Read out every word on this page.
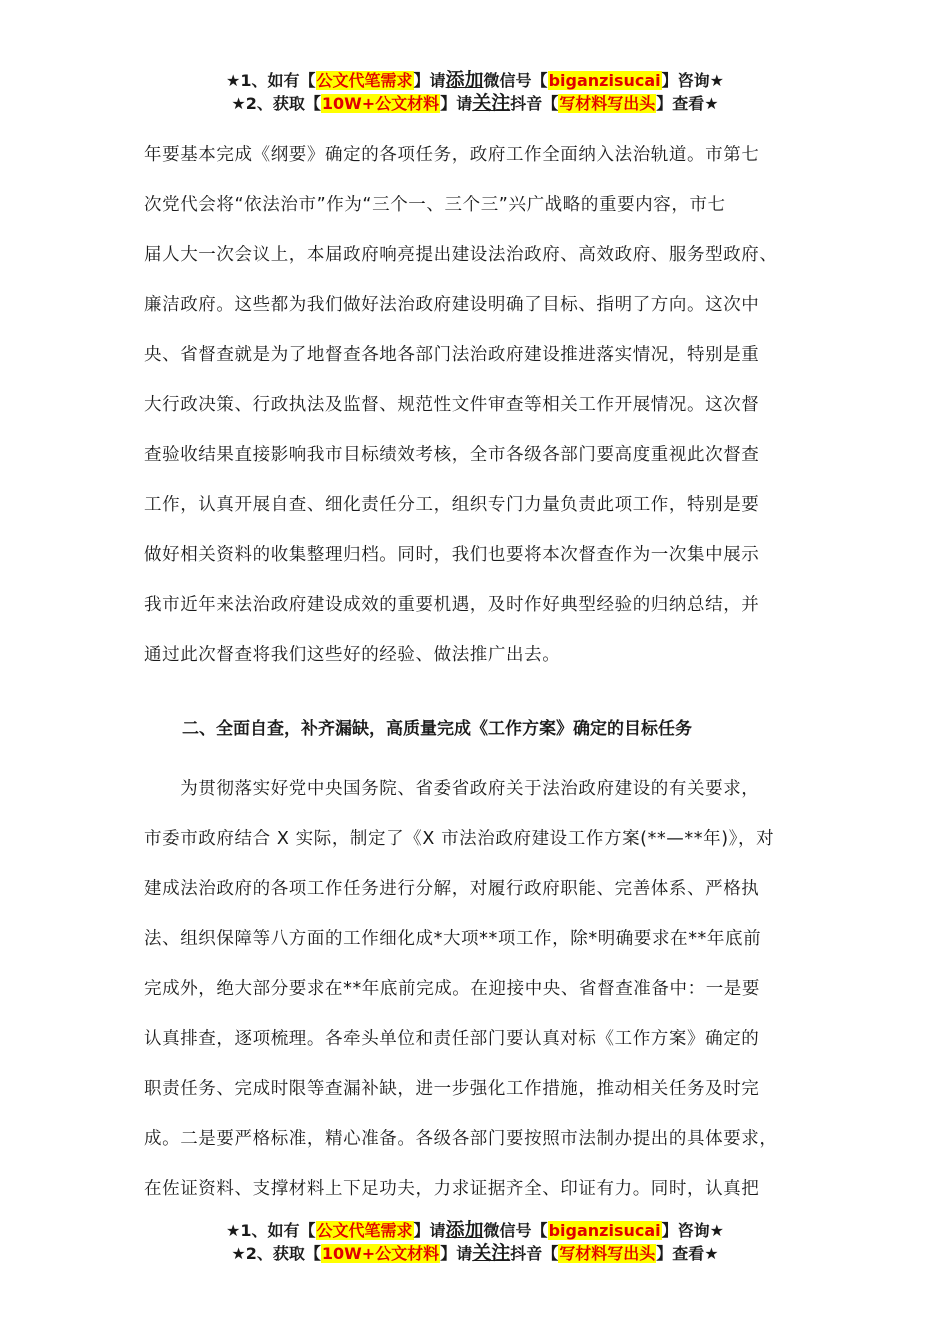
★1、如有【公文代笔需求】请添加微信号【biganzisucai】咨询★
★2、获取【10W+公文材料】请关注抖音【写材料写出头】查看★
年要基本完成《纲要》确定的各项任务，政府工作全面纳入法治轨道。市第七
次党代会将“依法治市”作为“三个一、三个三”兴广战略的重要内容，市七
届人大一次会议上，本届政府响亮提出建设法治政府、高效政府、服务型政府、
廉洁政府。这些都为我们做好法治政府建设明确了目标、指明了方向。这次中
央、省督查就是为了地督查各地各部门法治政府建设推进落实情况，特别是重
大行政决策、行政执法及监督、规范性文件审查等相关工作开展情况。这次督
查验收结果直接影响我市目标绩效考核，全市各级各部门要高度重视此次督查
工作，认真开展自查、细化责任分工，组织专门力量负责此项工作，特别是要
做好相关资料的收集整理归档。同时，我们也要将本次督查作为一次集中展示
我市近年来法治政府建设成效的重要机遇，及时作好典型经验的归纳总结，并
通过此次督查将我们这些好的经验、做法推广出去。
二、全面自查，补齐漏缺，高质量完成《工作方案》确定的目标任务
　　为贯彻落实好党中央国务院、省委省政府关于法治政府建设的有关要求，
市委市政府结合 X 实际，制定了《X 市法治政府建设工作方案(**—**年)》，对
建成法治政府的各项工作任务进行分解，对履行政府职能、完善体系、严格执
法、组织保障等八方面的工作细化成*大项**项工作，除*明确要求在**年底前
完成外，绝大部分要求在**年底前完成。在迎接中央、省督查准备中：一是要
认真排查，逐项梳理。各牵头单位和责任部门要认真对标《工作方案》确定的
职责任务、完成时限等查漏补缺，进一步强化工作措施，推动相关任务及时完
成。二是要严格标准，精心准备。各级各部门要按照市法制办提出的具体要求，
在佐证资料、支撑材料上下足功夫，力求证据齐全、印证有力。同时，认真把
★1、如有【公文代笔需求】请添加微信号【biganzisucai】咨询★
★2、获取【10W+公文材料】请关注抖音【写材料写出头】查看★
